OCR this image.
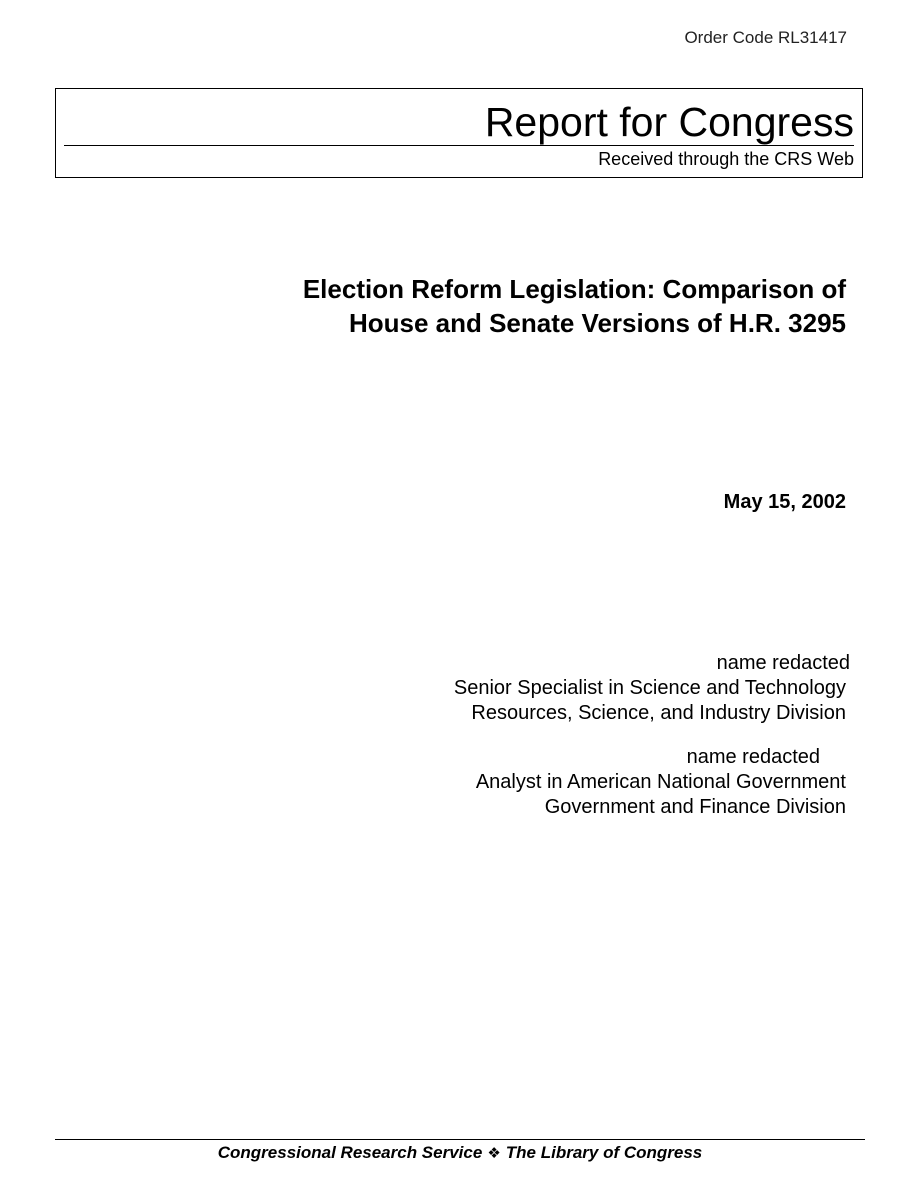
Order Code RL31417
Report for Congress
Received through the CRS Web
Election Reform Legislation: Comparison of
House and Senate Versions of H.R. 3295
May 15, 2002
name redacted
Senior Specialist in Science and Technology
Resources, Science, and Industry Division
name redacted
Analyst in American National Government
Government and Finance Division
Congressional Research Service ❖ The Library of Congress
